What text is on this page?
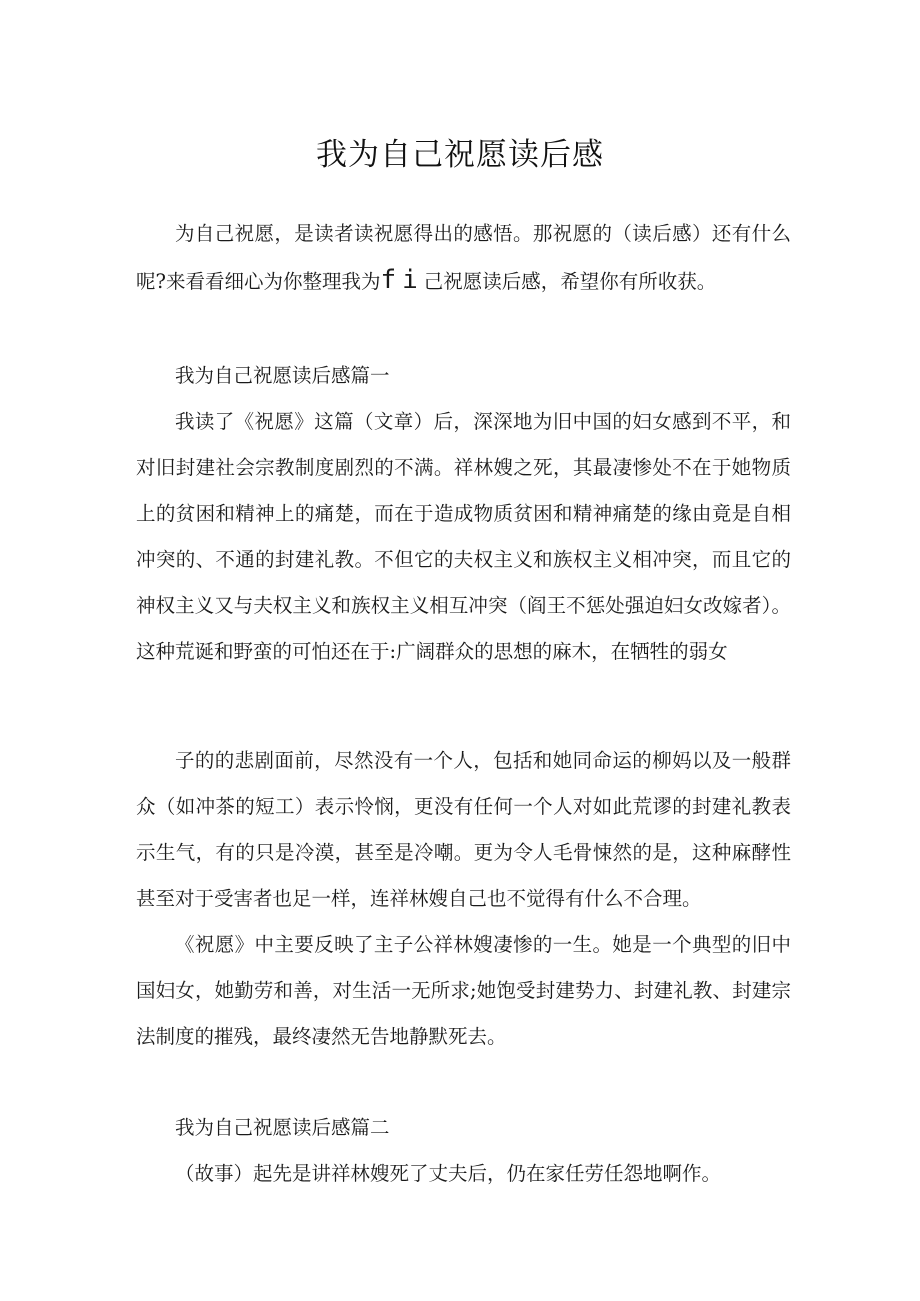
我为自己祝愿读后感

为自己祝愿，是读者读祝愿得出的感悟。那祝愿的（读后感）还有什么呢?来看看细心为你整理我为fi己祝愿读后感，希望你有所收获。

我为自己祝愿读后感篇一

我读了《祝愿》这篇（文章）后，深深地为旧中国的妇女感到不平，和对旧封建社会宗教制度剧烈的不满。祥林嫂之死，其最凄惨处不在于她物质上的贫困和精神上的痛楚，而在于造成物质贫困和精神痛楚的缘由竟是自相冲突的、不通的封建礼教。不但它的夫权主义和族权主义相冲突，而且它的神权主义又与夫权主义和族权主义相互冲突（阎王不惩处强迫妇女改嫁者）。这种荒诞和野蛮的可怕还在于:广阔群众的思想的麻木，在牺牲的弱女

子的的悲剧面前，尽然没有一个人，包括和她同命运的柳妈以及一般群众（如冲茶的短工）表示怜悯，更没有任何一个人对如此荒谬的封建礼教表示生气，有的只是冷漠，甚至是冷嘲。更为令人毛骨悚然的是，这种麻酵性甚至对于受害者也足一样，连祥林嫂自己也不觉得有什么不合理。

《祝愿》中主要反映了主子公祥林嫂凄惨的一生。她是一个典型的旧中国妇女，她勤劳和善，对生活一无所求;她饱受封建势力、封建礼教、封建宗法制度的摧残，最终凄然无告地静默死去。

我为自己祝愿读后感篇二

（故事）起先是讲祥林嫂死了丈夫后，仍在家任劳任怨地啊作。
